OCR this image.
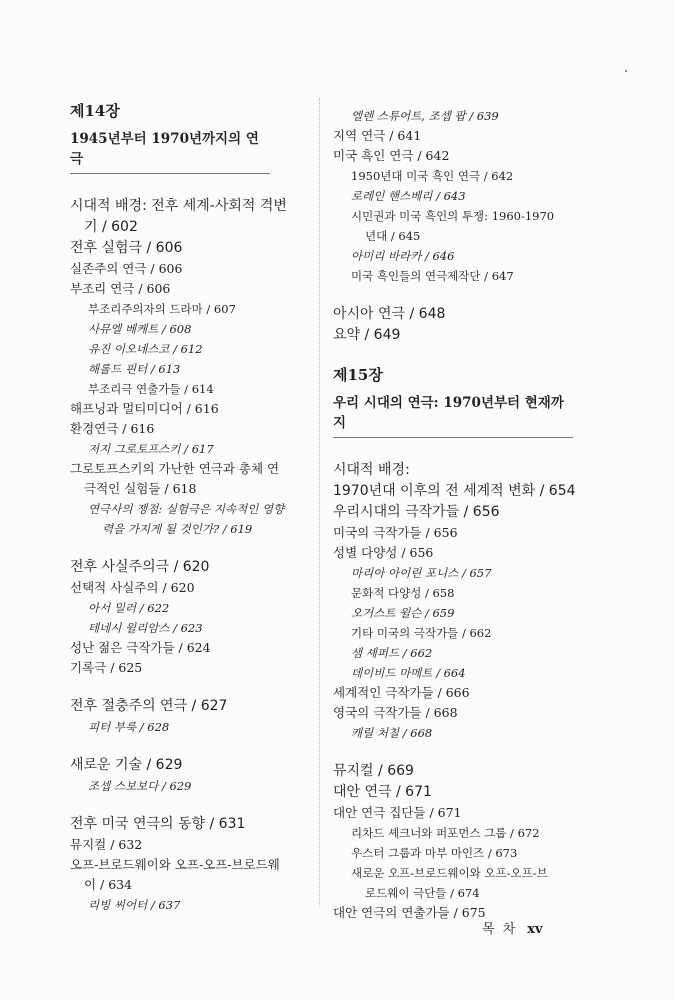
제14장
1945년부터 1970년까지의 연극
시대적 배경: 전후 세계-사회적 격변
기 / 602
전후 실험극 / 606
실존주의 연극 / 606
부조리 연극 / 606
부조리주의자의 드라마 / 607
사뮤엘 베케트 / 608
유진 이오네스코 / 612
해롤드 핀터 / 613
부조리극 연출가들 / 614
해프닝과 멀티미디어 / 616
환경연극 / 616
저지 그로토프스키 / 617
그로토프스키의 가난한 연극과 총체 연
극적인 실험들 / 618
연극사의 쟁점: 실험극은 지속적인 영향
력을 가지게 될 것인가? / 619
전후 사실주의극 / 620
선택적 사실주의 / 620
아서 밀러 / 622
테네시 윌리암스 / 623
성난 젊은 극작가들 / 624
기록극 / 625
전후 절충주의 연극 / 627
피터 부룩 / 628
새로운 기술 / 629
조셉 스보보다 / 629
전후 미국 연극의 동향 / 631
뮤지컬 / 632
오프-브로드웨이와 오프-오프-브로드웨
이 / 634
리빙 씨어터 / 637
엘렌 스튜어트, 조셉 팝 / 639
지역 연극 / 641
미국 흑인 연극 / 642
1950년대 미국 흑인 연극 / 642
로레인 핸스베리 / 643
시민권과 미국 흑인의 투쟁: 1960-1970
년대 / 645
아미리 바라카 / 646
미국 흑인들의 연극제작단 / 647
아시아 연극 / 648
요약 / 649
제15장
우리 시대의 연극: 1970년부터 현재까지
시대적 배경:
1970년대 이후의 전 세계적 변화 / 654
우리시대의 극작가들 / 656
미국의 극작가들 / 656
성별 다양성 / 656
마리아 아이린 포니스 / 657
문화적 다양성 / 658
오거스트 윌슨 / 659
기타 미국의 극작가들 / 662
샘 셰퍼드 / 662
데이비드 마메트 / 664
세계적인 극작가들 / 666
영국의 극작가들 / 668
캐릴 처칠 / 668
뮤지컬 / 669
대안 연극 / 671
대안 연극 집단들 / 671
리차드 셰크너와 퍼포먼스 그룹 / 672
우스터 그룹과 마부 마인즈 / 673
새로운 오프-브로드웨이와 오프-오프-브
로드웨이 극단들 / 674
대안 연극의 연출가들 / 675
목 차 xv
